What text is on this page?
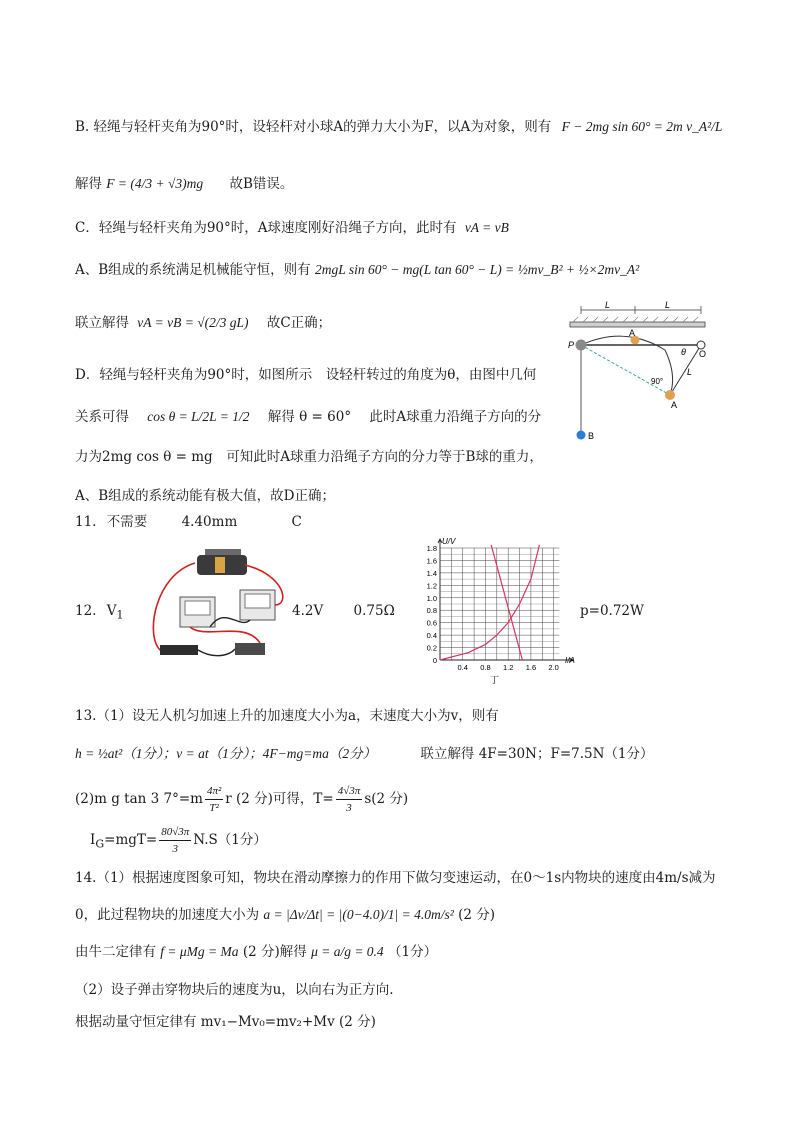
B. 轻绳与轻杆夹角为90°时，设轻杆对小球A的弹力大小为F，以A为对象，则有 F − 2mg sin 60° = 2m v_A²/L
解得 F = (4/3 + √3)mg 故B错误。
C．轻绳与轻杆夹角为90°时，A球速度刚好沿绳子方向，此时有 vA = vB
A、B组成的系统满足机械能守恒，则有 2mgL sin 60° − mg(L tan 60° − L) = ½mv_B² + ½×2mv_A²
联立解得 vA = vB = √(2/3 gL) 故C正确；
D．轻绳与轻杆夹角为90°时，如图所示　设轻杆转过的角度为θ，由图中几何
关系可得 cos θ = L/2L = 1/2 解得 θ = 60° 此时A球重力沿绳子方向的分
力为2mg cos θ = mg　可知此时A球重力沿绳子方向的分力等于B球的重力，
A、B组成的系统动能有极大值，故D正确；
L	L
P
A
θ O
90°
L
A
B
11. 不需要	4.40mm	C
12. $V_1$	4.2V 0.75Ω	p=0.72W
0
0.2
0.4
0.6
0.8
1.0
1.2
1.4
1.6
1.8
0.4 0.8 1.2 1.6 2.0
U/V
I/A
丁
13.（1）设无人机匀加速上升的加速度大小为a，末速度大小为v，则有
h = ½at²（1分）；v = at（1分）；4F−mg=ma（2分）	联立解得 4F=30N；F=7.5N（1分）
(2)m g tan 3 $7^\circ=m \frac{\text{4π²}}{\text{T²}}$ r (2 分)可得，$T= \frac{4√3\pi}{3} s(2$ 分)
$I_G=mgT= \frac{80√3\pi}{3} N.S(1$分）
14.（1）根据速度图象可知，物块在滑动摩擦力的作用下做匀变速运动，在0～1s内物块的速度由4m/s减为
0，此过程物块的加速度大小为 a = |Δv/Δt| = |(0−4.0)/1| = 4.0m/s² (2 分)
由牛二定律有 f = μMg = Ma (2 分)解得 μ = a/g = 0.4 （1分）
（2）设子弹击穿物块后的速度为u，以向右为正方向.
根据动量守恒定律有 mv₁−Mv₀=mv₂+Mv (2 分)
